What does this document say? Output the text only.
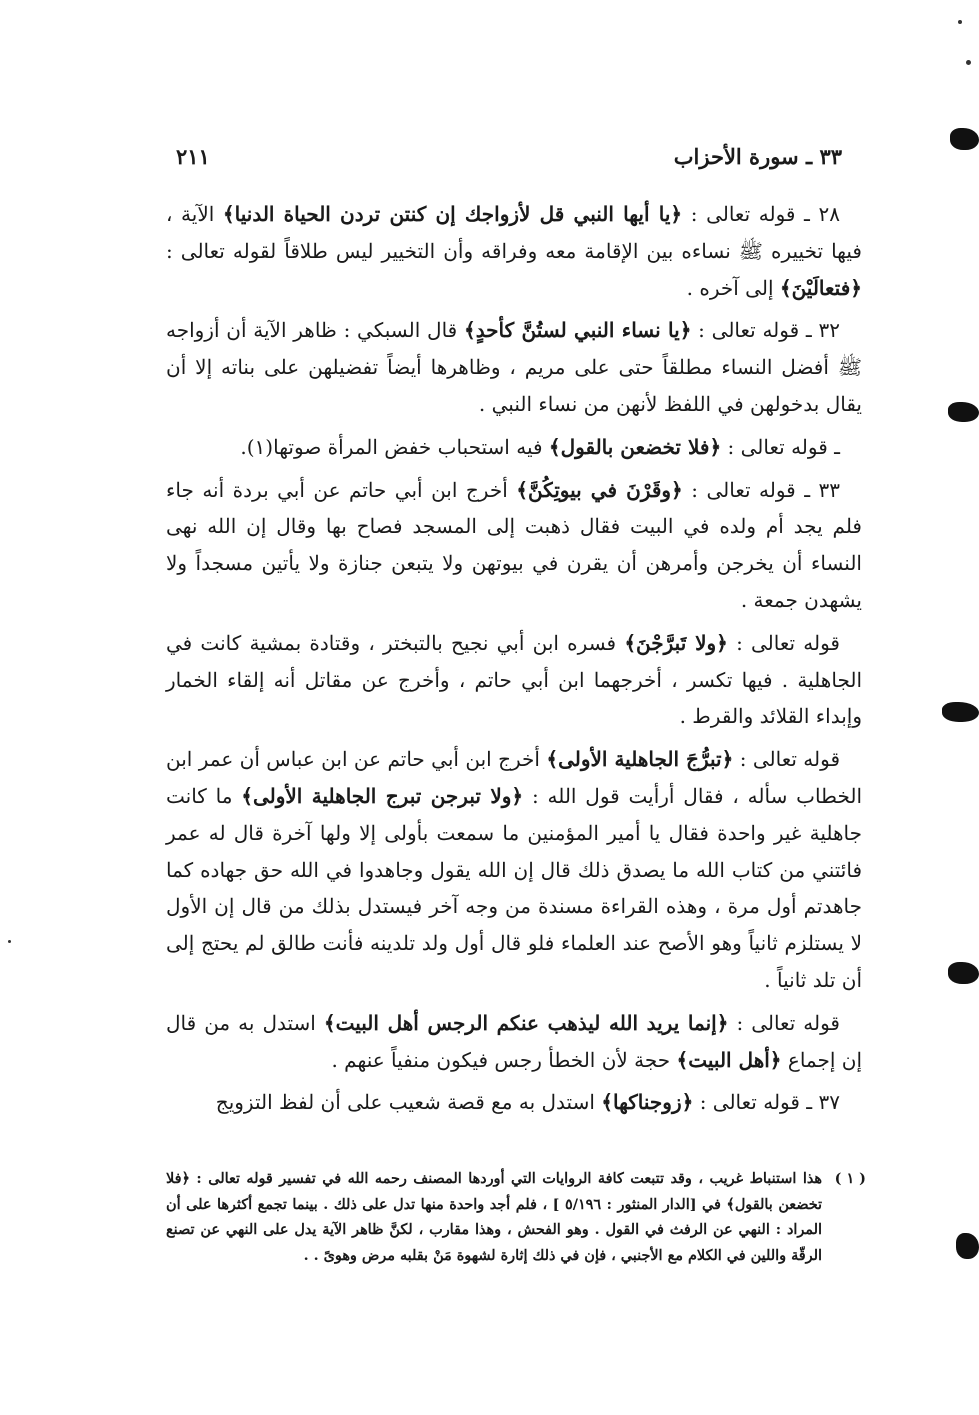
٣٣ ـ سورة الأحزاب
٢١١

٢٨ ـ قوله تعالى : ﴿يا أيها النبي قل لأزواجك إن كنتن تردن الحياة الدنيا﴾ الآية ، فيها تخييره ﷺ نساءه بين الإقامة معه وفراقه وأن التخيير ليس طلاقاً لقوله تعالى : ﴿فتعالَيْنَ﴾ إلى آخره .

٣٢ ـ قوله تعالى : ﴿يا نساء النبي لستُنَّ كأحدٍ﴾ قال السبكي : ظاهر الآية أن أزواجه ﷺ أفضل النساء مطلقاً حتى على مريم ، وظاهرها أيضاً تفضيلهن على بناته إلا أن يقال بدخولهن في اللفظ لأنهن من نساء النبي .

ـ قوله تعالى : ﴿فلا تخضعن بالقول﴾ فيه استحباب خفض المرأة صوتها(١).

٣٣ ـ قوله تعالى : ﴿وقَرْنَ في بيوتِكُنَّ﴾ أخرج ابن أبي حاتم عن أبي بردة أنه جاء فلم يجد أم ولده في البيت فقال ذهبت إلى المسجد فصاح بها وقال إن الله نهى النساء أن يخرجن وأمرهن أن يقرن في بيوتهن ولا يتبعن جنازة ولا يأتين مسجداً ولا يشهدن جمعة .

قوله تعالى : ﴿ولا تَبرَّجْنَ﴾ فسره ابن أبي نجيح بالتبختر ، وقتادة بمشية كانت في الجاهلية . فيها تكسر ، أخرجهما ابن أبي حاتم ، وأخرج عن مقاتل أنه إلقاء الخمار وإبداء القلائد والقرط .

قوله تعالى : ﴿تبرُّجَ الجاهلية الأولى﴾ أخرج ابن أبي حاتم عن ابن عباس أن عمر ابن الخطاب سأله ، فقال أرأيت قول الله : ﴿ولا تبرجن تبرج الجاهلية الأولى﴾ ما كانت جاهلية غير واحدة فقال يا أمير المؤمنين ما سمعت بأولى إلا ولها آخرة قال له عمر فائتني من كتاب الله ما يصدق ذلك قال إن الله يقول وجاهدوا في الله حق جهاده كما جاهدتم أول مرة ، وهذه القراءة مسندة من وجه آخر فيستدل بذلك من قال إن الأول لا يستلزم ثانياً وهو الأصح عند العلماء فلو قال أول ولد تلدينه فأنت طالق لم يحتج إلى أن تلد ثانياً .

قوله تعالى : ﴿إنما يريد الله ليذهب عنكم الرجس أهل البيت﴾ استدل به من قال إن إجماع ﴿أهل البيت﴾ حجة لأن الخطأ رجس فيكون منفياً عنهم .

٣٧ ـ قوله تعالى : ﴿زوجناكها﴾ استدل به مع قصة شعيب على أن لفظ التزويج

( ١ )
هذا استنباط غريب ، وقد تتبعت كافة الروايات التي أوردها المصنف رحمه الله في تفسير قوله تعالى : ﴿فلا تخضعن بالقول﴾ في [الدار المنثور : ٥/١٩٦ ] ، فلم أجد واحدة منها تدل على ذلك . بينما تجمع أكثرها على أن المراد : النهي عن الرفث في القول . وهو الفحش ، وهذا مقارب ، لكنَّ ظاهر الآية يدل على النهي عن تصنع الرقّة واللين في الكلام مع الأجنبي ، فإن في ذلك إثارة لشهوة مَنْ بقلبه مرض وهوىً . .
